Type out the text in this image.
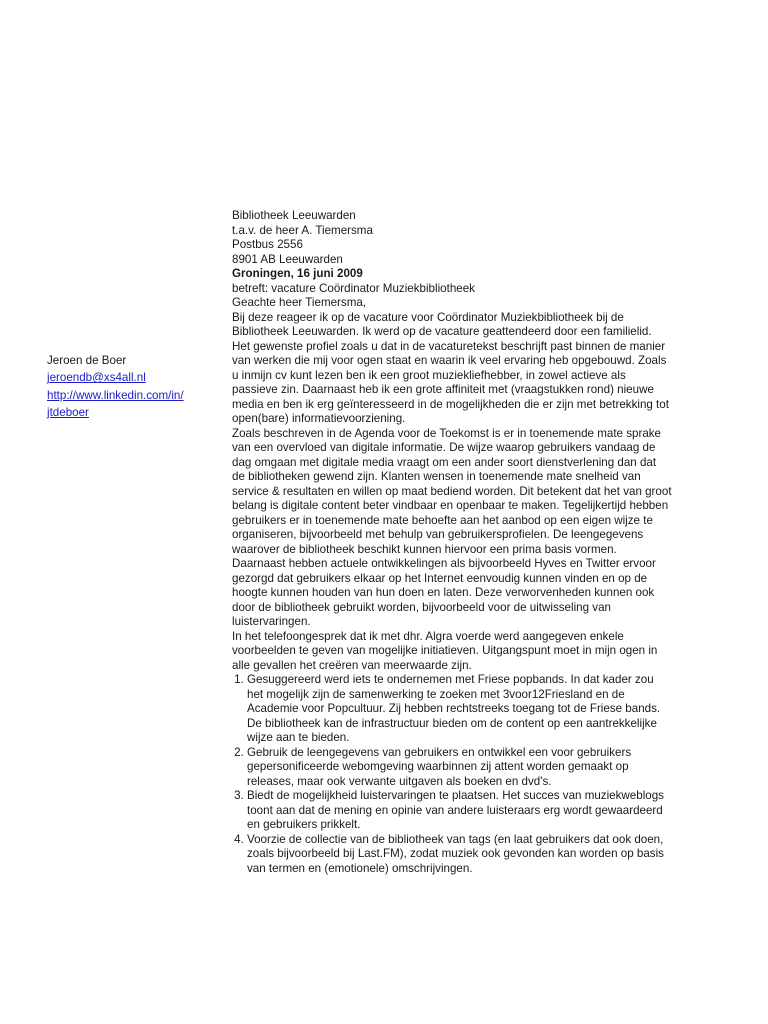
Jeroen de Boer
jeroendb@xs4all.nl
http://www.linkedin.com/in/
jtdeboer

Bibliotheek Leeuwarden

t.a.v. de heer A. Tiemersma

Postbus 2556

8901 AB Leeuwarden

Groningen, 16 juni 2009

betreft: vacature Coördinator Muziekbibliotheek

Geachte heer Tiemersma,

Bij deze reageer ik op de vacature voor Coördinator Muziekbibliotheek bij de Bibliotheek Leeuwarden. Ik werd op de vacature geattendeerd door een familielid.

Het gewenste profiel zoals u dat in de vacaturetekst beschrijft past binnen de manier van werken die mij voor ogen staat en waarin ik veel ervaring heb opgebouwd. Zoals u inmijn cv kunt lezen ben ik een groot muziekliefhebber, in zowel actieve als passieve zin. Daarnaast heb ik een grote affiniteit met (vraagstukken rond) nieuwe media en ben ik erg geïnteresseerd in de mogelijkheden die er zijn met betrekking tot open(bare) informatievoorziening.

Zoals beschreven in de Agenda voor de Toekomst is er in toenemende mate sprake van een overvloed van digitale informatie. De wijze waarop gebruikers vandaag de dag omgaan met digitale media vraagt om een ander soort dienstverlening dan dat de bibliotheken gewend zijn. Klanten wensen in toenemende mate snelheid van service & resultaten en willen op maat bediend worden. Dit betekent dat het van groot belang is digitale content beter vindbaar en openbaar te maken. Tegelijkertijd hebben gebruikers er in toenemende mate behoefte aan het aanbod op een eigen wijze te organiseren, bijvoorbeeld met behulp van gebruikersprofielen. De leengegevens waarover de bibliotheek beschikt kunnen hiervoor een prima basis vormen.

Daarnaast hebben actuele ontwikkelingen als bijvoorbeeld Hyves en Twitter ervoor gezorgd dat gebruikers elkaar op het Internet eenvoudig kunnen vinden en op de hoogte kunnen houden van hun doen en laten. Deze verworvenheden kunnen ook door de bibliotheek gebruikt worden, bijvoorbeeld voor de uitwisseling van luistervaringen.

In het telefoongesprek dat ik met dhr. Algra voerde werd aangegeven enkele voorbeelden te geven van mogelijke initiatieven. Uitgangspunt moet in mijn ogen in alle gevallen het creëren van meerwaarde zijn.

1. Gesuggereerd werd iets te ondernemen met Friese popbands. In dat kader zou het mogelijk zijn de samenwerking te zoeken met 3voor12Friesland en de Academie voor Popcultuur. Zij hebben rechtstreeks toegang tot de Friese bands. De bibliotheek kan de infrastructuur bieden om de content op een aantrekkelijke wijze aan te bieden.
2. Gebruik de leengegevens van gebruikers en ontwikkel een voor gebruikers gepersonificeerde webomgeving waarbinnen zij attent worden gemaakt op releases, maar ook verwante uitgaven als boeken en dvd's.
3. Biedt de mogelijkheid luistervaringen te plaatsen. Het succes van muziekweblogs toont aan dat de mening en opinie van andere luisteraars erg wordt gewaardeerd en gebruikers prikkelt.
4. Voorzie de collectie van de bibliotheek van tags (en laat gebruikers dat ook doen, zoals bijvoorbeeld bij Last.FM), zodat muziek ook gevonden kan worden op basis van termen en (emotionele) omschrijvingen.
